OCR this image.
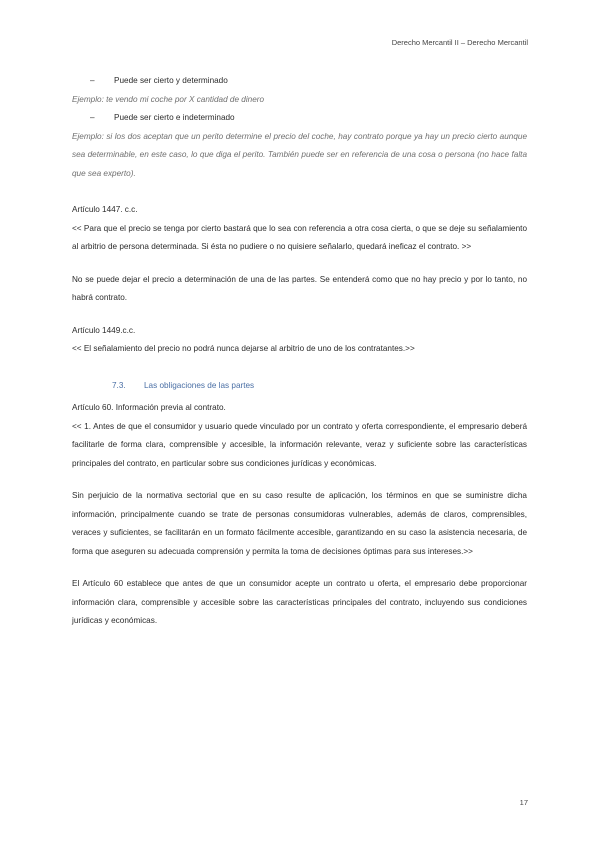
Derecho Mercantil II – Derecho Mercantil

– Puede ser cierto y determinado

Ejemplo: te vendo mi coche por X cantidad de dinero

– Puede ser cierto e indeterminado

Ejemplo: si los dos aceptan que un perito determine el precio del coche, hay contrato porque ya hay un precio cierto aunque sea determinable, en este caso, lo que diga el perito. También puede ser en referencia de una cosa o persona (no hace falta que sea experto).

Artículo 1447. c.c.

<< Para que el precio se tenga por cierto bastará que lo sea con referencia a otra cosa cierta, o que se deje su señalamiento al arbitrio de persona determinada. Si ésta no pudiere o no quisiere señalarlo, quedará ineficaz el contrato. >>

No se puede dejar el precio a determinación de una de las partes. Se entenderá como que no hay precio y por lo tanto, no habrá contrato.

Artículo 1449.c.c.

<< El señalamiento del precio no podrá nunca dejarse al arbitrio de uno de los contratantes.>>

7.3. Las obligaciones de las partes

Artículo 60. Información previa al contrato.

<< 1. Antes de que el consumidor y usuario quede vinculado por un contrato y oferta correspondiente, el empresario deberá facilitarle de forma clara, comprensible y accesible, la información relevante, veraz y suficiente sobre las características principales del contrato, en particular sobre sus condiciones jurídicas y económicas.

Sin perjuicio de la normativa sectorial que en su caso resulte de aplicación, los términos en que se suministre dicha información, principalmente cuando se trate de personas consumidoras vulnerables, además de claros, comprensibles, veraces y suficientes, se facilitarán en un formato fácilmente accesible, garantizando en su caso la asistencia necesaria, de forma que aseguren su adecuada comprensión y permita la toma de decisiones óptimas para sus intereses.>>

El Artículo 60 establece que antes de que un consumidor acepte un contrato u oferta, el empresario debe proporcionar información clara, comprensible y accesible sobre las características principales del contrato, incluyendo sus condiciones jurídicas y económicas.

17
